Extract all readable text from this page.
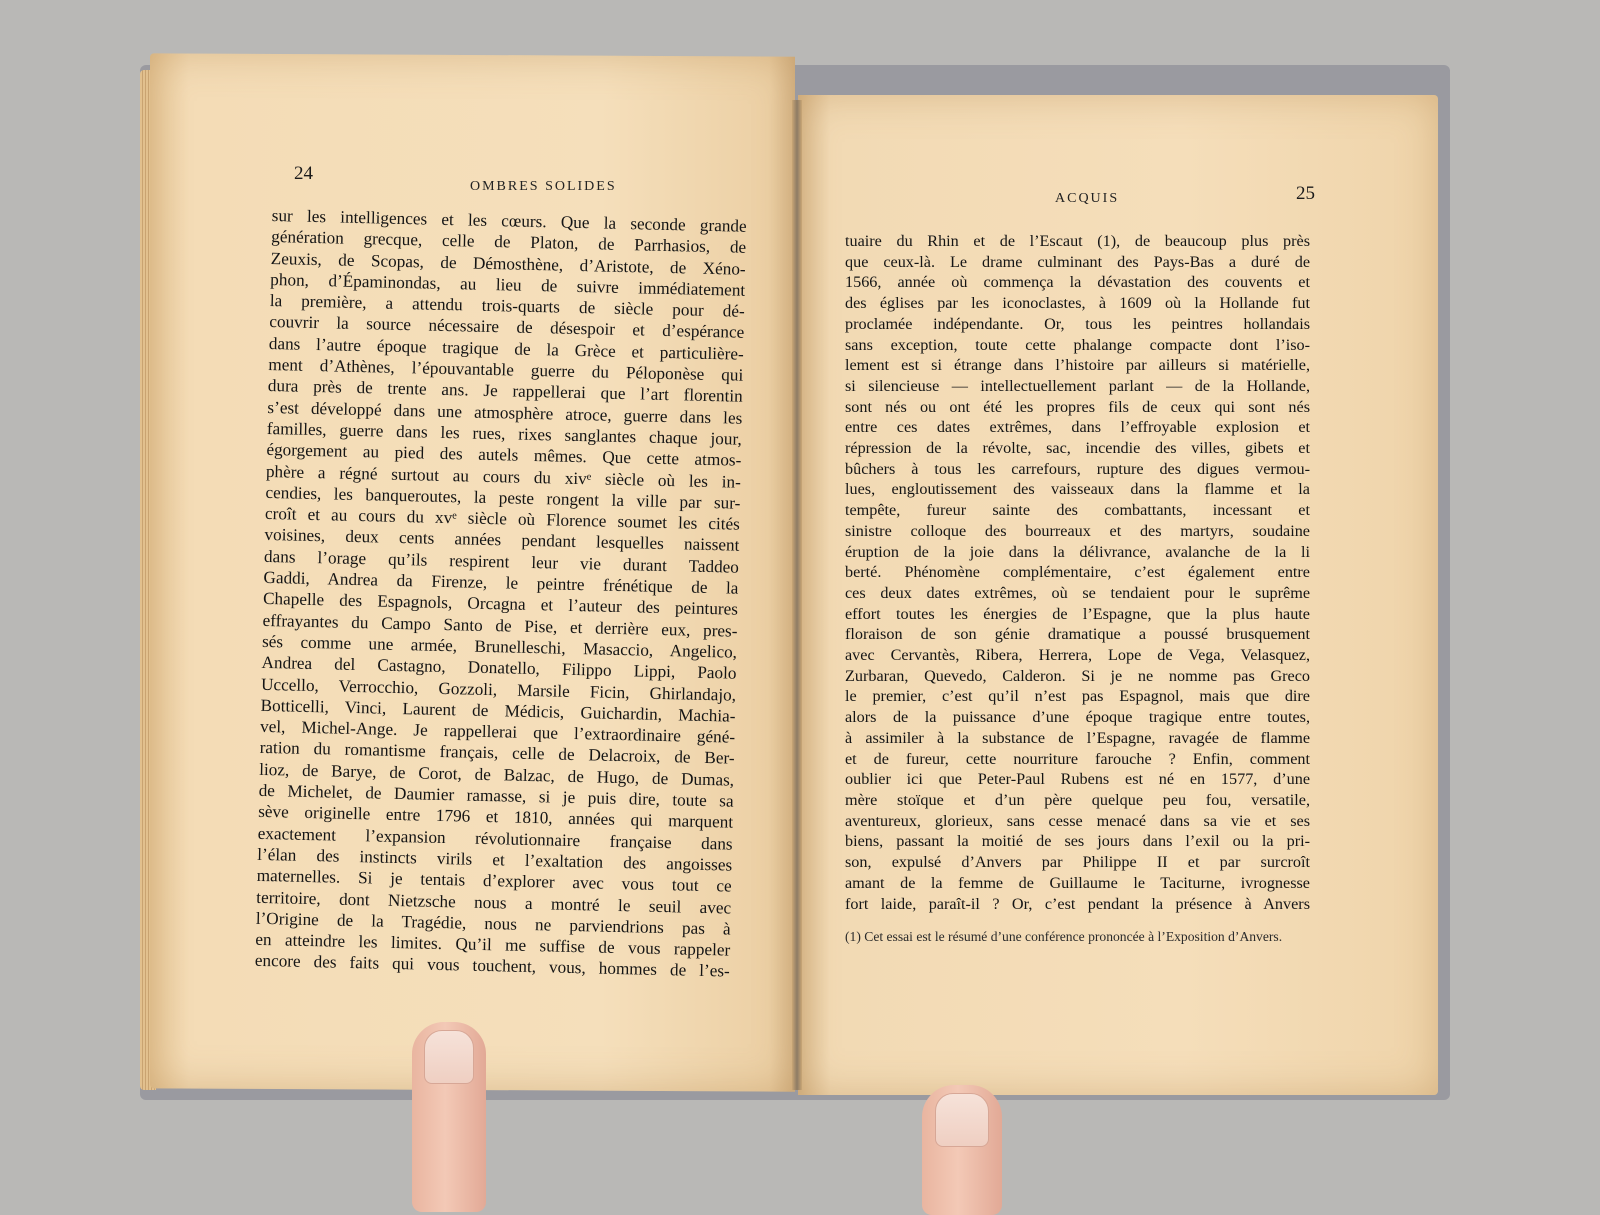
24
OMBRES SOLIDES
ACQUIS	25

sur les intelligences et les cœurs. Que la seconde grande

génération grecque, celle de Platon, de Parrhasios, de

Zeuxis, de Scopas, de Démosthène, d’Aristote, de Xéno-

phon, d’Épaminondas, au lieu de suivre immédiatement

la première, a attendu trois-quarts de siècle pour dé-

couvrir la source nécessaire de désespoir et d’espérance

dans l’autre époque tragique de la Grèce et particulière-

ment d’Athènes, l’épouvantable guerre du Péloponèse qui

dura près de trente ans. Je rappellerai que l’art florentin

s’est développé dans une atmosphère atroce, guerre dans les

familles, guerre dans les rues, rixes sanglantes chaque jour,

égorgement au pied des autels mêmes. Que cette atmos-

phère a régné surtout au cours du xivᵉ siècle où les in-

cendies, les banqueroutes, la peste rongent la ville par sur-

croît et au cours du xvᵉ siècle où Florence soumet les cités

voisines, deux cents années pendant lesquelles naissent

dans l’orage qu’ils respirent leur vie durant Taddeo

Gaddi, Andrea da Firenze, le peintre frénétique de la

Chapelle des Espagnols, Orcagna et l’auteur des peintures

effrayantes du Campo Santo de Pise, et derrière eux, pres-

sés comme une armée, Brunelleschi, Masaccio, Angelico,

Andrea del Castagno, Donatello, Filippo Lippi, Paolo

Uccello, Verrocchio, Gozzoli, Marsile Ficin, Ghirlandajo,

Botticelli, Vinci, Laurent de Médicis, Guichardin, Machia-

vel, Michel-Ange. Je rappellerai que l’extraordinaire géné-

ration du romantisme français, celle de Delacroix, de Ber-

lioz, de Barye, de Corot, de Balzac, de Hugo, de Dumas,

de Michelet, de Daumier ramasse, si je puis dire, toute sa

sève originelle entre 1796 et 1810, années qui marquent

exactement l’expansion révolutionnaire française dans

l’élan des instincts virils et l’exaltation des angoisses

maternelles. Si je tentais d’explorer avec vous tout ce

territoire, dont Nietzsche nous a montré le seuil avec

l’Origine de la Tragédie, nous ne parviendrions pas à

en atteindre les limites. Qu’il me suffise de vous rappeler

encore des faits qui vous touchent, vous, hommes de l’es-

tuaire du Rhin et de l’Escaut (1), de beaucoup plus près

que ceux-là. Le drame culminant des Pays-Bas a duré de

1566, année où commença la dévastation des couvents et

des églises par les iconoclastes, à 1609 où la Hollande fut

proclamée indépendante. Or, tous les peintres hollandais

sans exception, toute cette phalange compacte dont l’iso-

lement est si étrange dans l’histoire par ailleurs si matérielle,

si silencieuse — intellectuellement parlant — de la Hollande,

sont nés ou ont été les propres fils de ceux qui sont nés

entre ces dates extrêmes, dans l’effroyable explosion et

répression de la révolte, sac, incendie des villes, gibets et

bûchers à tous les carrefours, rupture des digues vermou-

lues, engloutissement des vaisseaux dans la flamme et la

tempête, fureur sainte des combattants, incessant et

sinistre colloque des bourreaux et des martyrs, soudaine

éruption de la joie dans la délivrance, avalanche de la li

berté. Phénomène complémentaire, c’est également entre

ces deux dates extrêmes, où se tendaient pour le suprême

effort toutes les énergies de l’Espagne, que la plus haute

floraison de son génie dramatique a poussé brusquement

avec Cervantès, Ribera, Herrera, Lope de Vega, Velasquez,

Zurbaran, Quevedo, Calderon. Si je ne nomme pas Greco

le premier, c’est qu’il n’est pas Espagnol, mais que dire

alors de la puissance d’une époque tragique entre toutes,

à assimiler à la substance de l’Espagne, ravagée de flamme

et de fureur, cette nourriture farouche ? Enfin, comment

oublier ici que Peter-Paul Rubens est né en 1577, d’une

mère stoïque et d’un père quelque peu fou, versatile,

aventureux, glorieux, sans cesse menacé dans sa vie et ses

biens, passant la moitié de ses jours dans l’exil ou la pri-

son, expulsé d’Anvers par Philippe II et par surcroît

amant de la femme de Guillaume le Taciturne, ivrognesse

fort laide, paraît-il ? Or, c’est pendant la présence à Anvers

(1) Cet essai est le résumé d’une conférence prononcée à l’Exposition d’Anvers.
